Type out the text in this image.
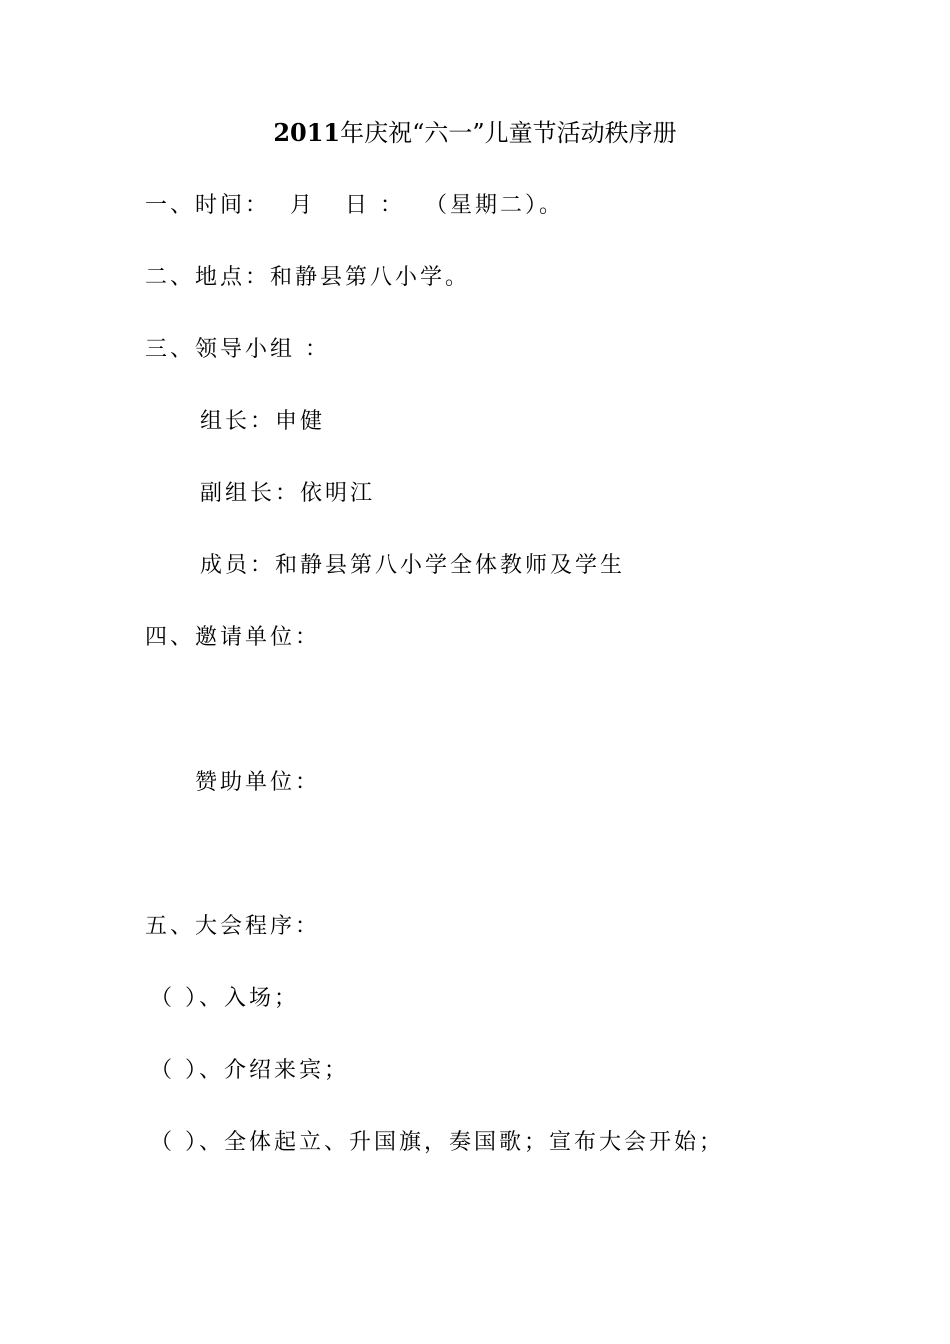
2011年庆祝“六一”儿童节活动秩序册
一、时间：  月   日 ：  （星期二）。
二、地点：和静县第八小学。
三、领导小组 ：
组长：申健
副组长：依明江
成员：和静县第八小学全体教师及学生
四、邀请单位：
赞助单位：
五、大会程序：
（ ）、入场；
（ ）、介绍来宾；
（ ）、全体起立、升国旗，奏国歌；宣布大会开始；
